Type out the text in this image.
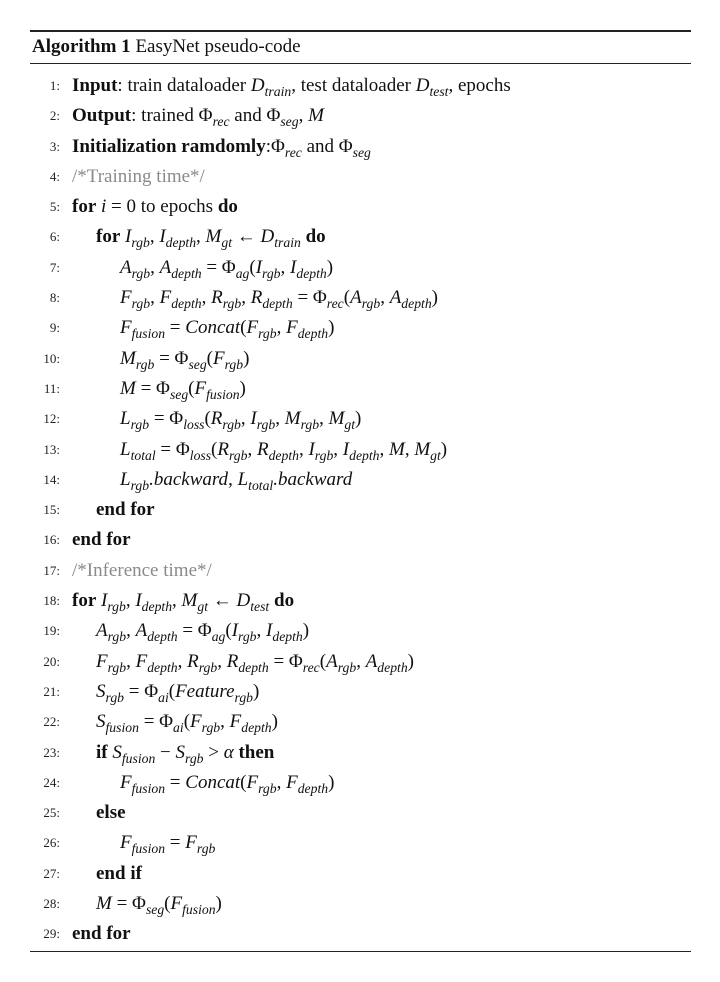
Algorithm 1 EasyNet pseudo-code
1: Input: train dataloader $D_{train}$, test dataloader $D_{test}$, epochs
2: Output: trained $\Phi_{rec}$ and $\Phi_{seg}$, M
3: Initialization $ramdomly:\Phi_{rec}$ and $\Phi_{seg}$
4: /*Training time*/
5: for i = 0 to epochs do
6: for $I_{rgb}$, $I_{depth}$, $M_{gt}$ ← $D_{train}$ do
7:	$A_{rgb}$, $A_{depth} = \Phi_{ag}(I_{rgb}$, $I_{depth}$)
8:	$F_{rgb}$, $F_{depth}$, $R_{rgb}$, $R_{depth} = \Phi_{rec}(A_{rgb}$, $A_{depth}$)
9:	$F_{fusion}$ = $Concat(F_{rgb}$, $F_{depth}$)
10:	$M_{rgb} = \Phi_{seg}(F_{rgb})$
11:	$M = \Phi_{seg}(F_{fusion})$
12:	$L_{rgb} = \Phi_{loss}(R_{rgb}$, $I_{rgb}$, $M_{rgb}$, $M_{gt}$)
13:	$L_{total} = \Phi_{loss}(R_{rgb}$, $R_{depth}$, $I_{rgb}$, $I_{depth}$, M, $M_{gt}$)
14:	$L_{rgb}.backward$, $L_{total}.backward$
15: end for
16: end for
17: /*Inference time*/
18: for $I_{rgb}$, $I_{depth}$, $M_{gt}$ ← $D_{test}$ do
19: $A_{rgb}$, $A_{depth} = \Phi_{ag}(I_{rgb}$, $I_{depth}$)
20: $F_{rgb}$, $F_{depth}$, $R_{rgb}$, $R_{depth} = \Phi_{rec}(A_{rgb}$, $A_{depth}$)
21: $S_{rgb}$ = $\Phi_{ai}(Feature_{rgb})$
22: $S_{fusion} = \Phi_{ai}(F_{rgb}$, $F_{depth}$)
23: if $S_{fusion} - S_{rgb} > \alpha$ then
24:	$F_{fusion}$ = $Concat(F_{rgb}$, $F_{depth}$)
25: else
26:	$F_{fusion} = F_{rgb}$
27: end if
28: $M = \Phi_{seg}(F_{fusion})$
29: end for
